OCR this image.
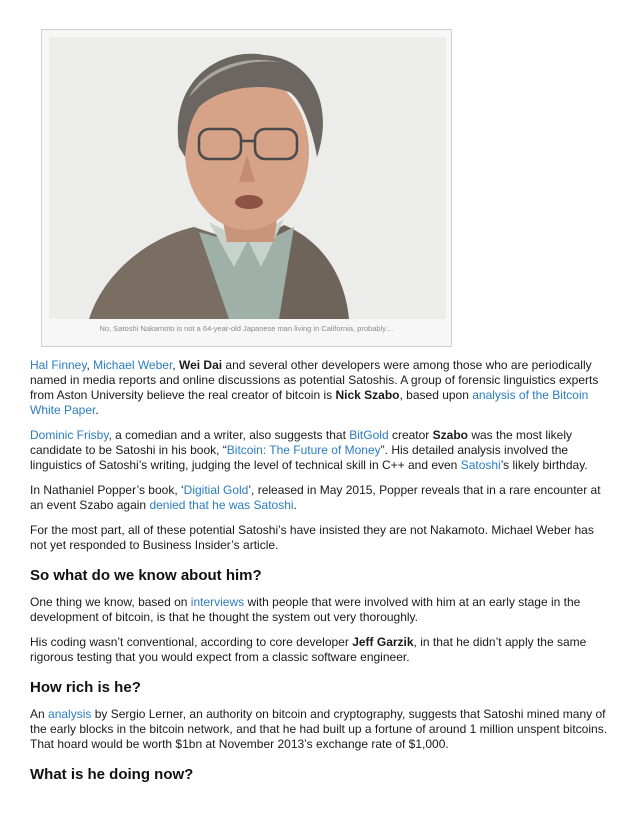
No, Satoshi Nakamoto is not a 64-year-old Japanese man living in California, probably…

Hal Finney, Michael Weber, Wei Dai and several other developers were among those who are periodically named in media reports and online discussions as potential Satoshis. A group of forensic linguistics experts from Aston University believe the real creator of bitcoin is Nick Szabo, based upon analysis of the Bitcoin White Paper.

Dominic Frisby, a comedian and a writer, also suggests that BitGold creator Szabo was the most likely candidate to be Satoshi in his book, “Bitcoin: The Future of Money”. His detailed analysis involved the linguistics of Satoshi’s writing, judging the level of technical skill in C++ and even Satoshi’s likely birthday.

In Nathaniel Popper’s book, ‘Digitial Gold’, released in May 2015, Popper reveals that in a rare encounter at an event Szabo again denied that he was Satoshi.

For the most part, all of these potential Satoshi’s have insisted they are not Nakamoto. Michael Weber has not yet responded to Business Insider’s article.

So what do we know about him?

One thing we know, based on interviews with people that were involved with him at an early stage in the development of bitcoin, is that he thought the system out very thoroughly.

His coding wasn’t conventional, according to core developer Jeff Garzik, in that he didn’t apply the same rigorous testing that you would expect from a classic software engineer.

How rich is he?

An analysis by Sergio Lerner, an authority on bitcoin and cryptography, suggests that Satoshi mined many of the early blocks in the bitcoin network, and that he had built up a fortune of around 1 million unspent bitcoins. That hoard would be worth $1bn at November 2013’s exchange rate of $1,000.

What is he doing now?
